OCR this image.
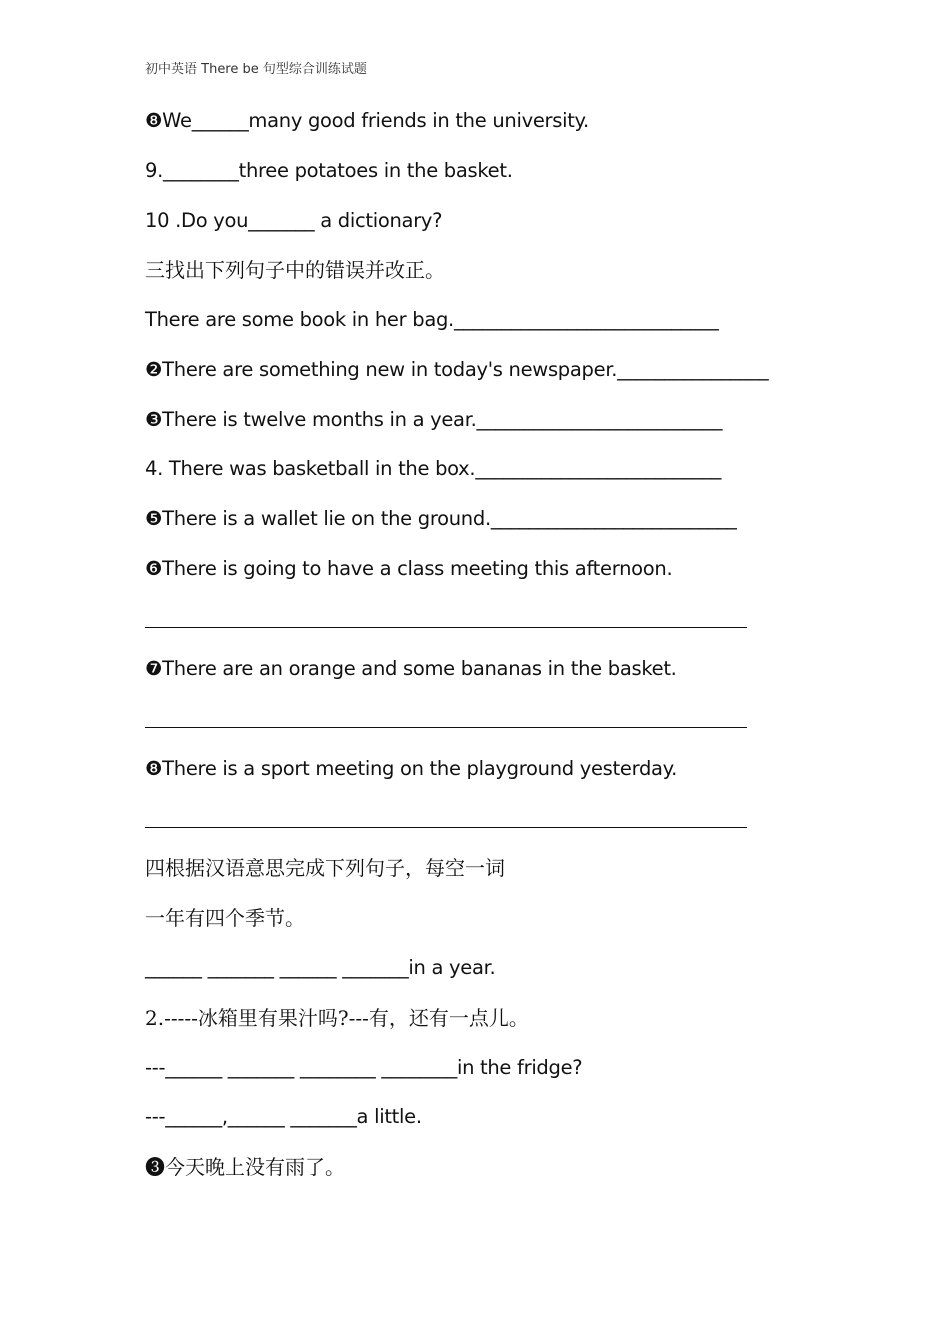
初中英语 There be 句型综合训练试题
❽We______many good friends in the university.
9.________three potatoes in the basket.
10 .Do you_______ a dictionary?
三找出下列句子中的错误并改正。
There are some book in her bag.____________________________
❷There are something new in today's newspaper.________________
❸There is twelve months in a year.__________________________
4. There was basketball in the box.__________________________
❺There is a wallet lie on the ground.__________________________
❻There is going to have a class meeting this afternoon.
❼There are an orange and some bananas in the basket.
❽There is a sport meeting on the playground yesterday.
四根据汉语意思完成下列句子，每空一词
一年有四个季节。
______ _______ ______ _______in a year.
2.-----冰箱里有果汁吗?---有，还有一点儿。
---______ _______ ________ ________in the fridge?
---______,______ _______a little.
❸今天晚上没有雨了。
